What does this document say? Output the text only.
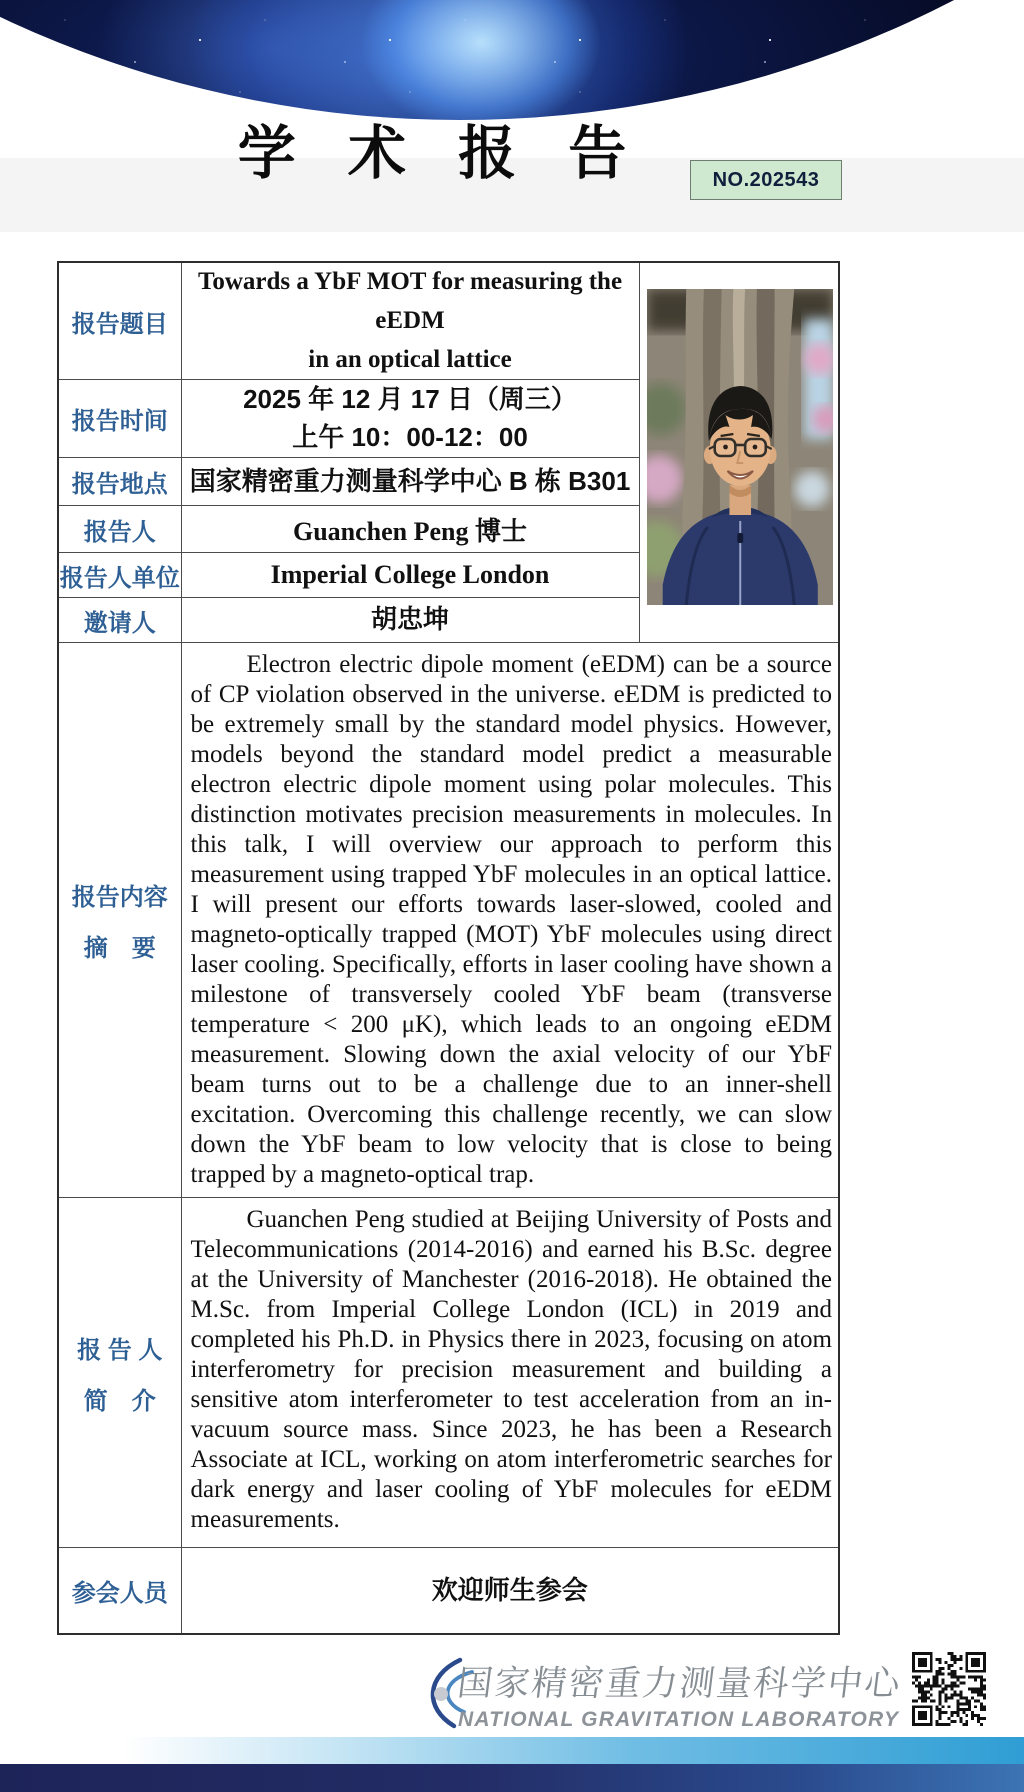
学 术 报 告	NO.202543
报告题目	Towards a YbF MOT for measuring the eEDM
in an optical lattice

报告时间	2025 年 12 月 17 日（周三）
上午 10：00-12：00	

报告地点	国家精密重力测量科学中心 B 栋 B301	
报告人	Guanchen Peng 博士	
报告人单位	Imperial College London	
邀请人	胡忠坤	

报告内容
摘　要	Electron electric dipole moment (eEDM) can be a source of CP violation observed in the universe. eEDM is predicted to be extremely small by the standard model physics. However, models beyond the standard model predict a measurable electron electric dipole moment using polar molecules. This distinction motivates precision measurements in molecules. In this talk, I will overview our approach to perform this measurement using trapped YbF molecules in an optical lattice. I will present our efforts towards laser-slowed, cooled and magneto-optically trapped (MOT) YbF molecules using direct laser cooling. Specifically, efforts in laser cooling have shown a milestone of transversely cooled YbF beam (transverse temperature < 200 μK), which leads to an ongoing eEDM measurement. Slowing down the axial velocity of our YbF beam turns out to be a challenge due to an inner-shell excitation. Overcoming this challenge recently, we can slow down the YbF beam to low velocity that is close to being trapped by a magneto-optical trap.	

报 告 人
简　介	Guanchen Peng studied at Beijing University of Posts and Telecommunications (2014-2016) and earned his B.Sc. degree at the University of Manchester (2016-2018). He obtained the M.Sc. from Imperial College London (ICL) in 2019 and completed his Ph.D. in Physics there in 2023, focusing on atom interferometry for precision measurement and building a sensitive atom interferometer to test acceleration from an in-vacuum source mass. Since 2023, he has been a Research Associate at ICL, working on atom interferometric searches for dark energy and laser cooling of YbF molecules for eEDM measurements.	

参会人员	欢迎师生参会	
国家精密重力测量科学中心
NATIONAL GRAVITATION LABORATORY
